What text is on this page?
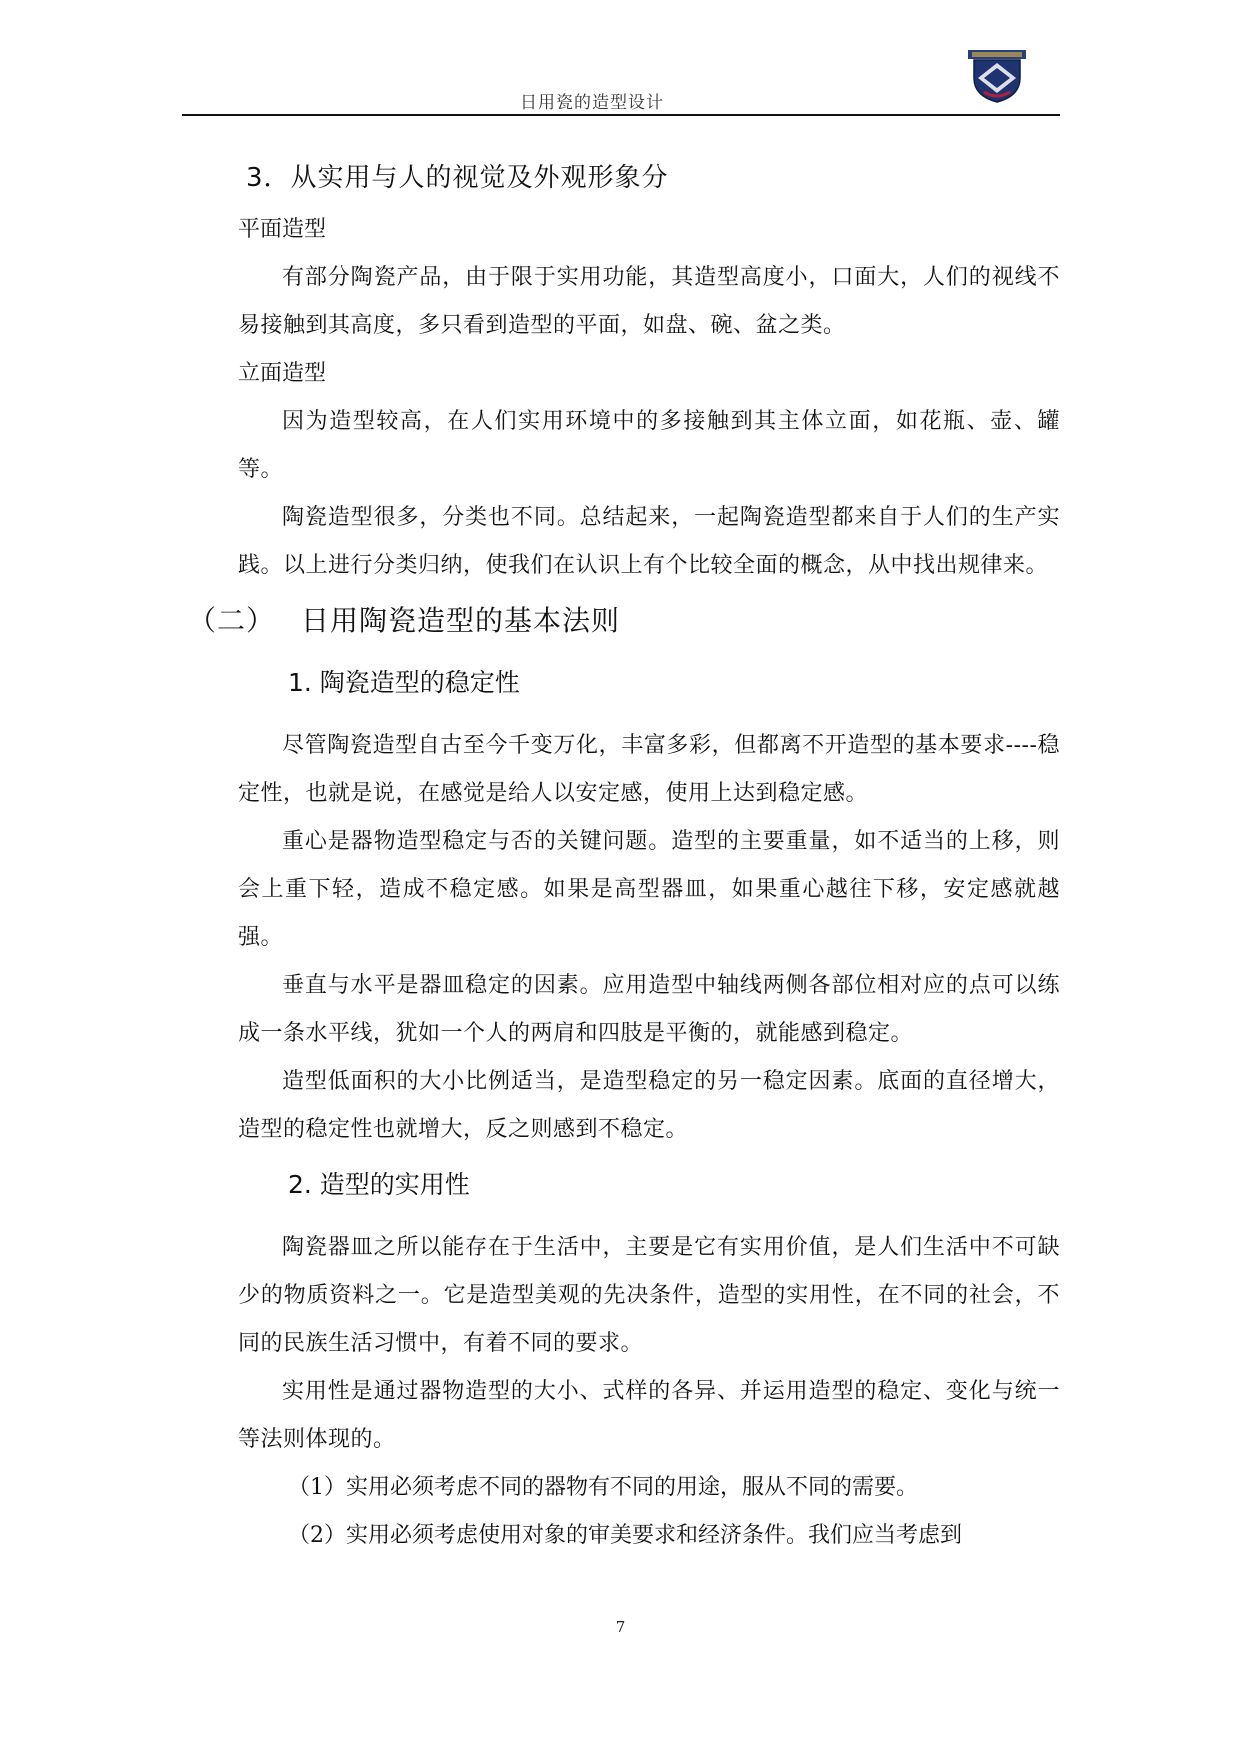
日用瓷的造型设计
3．从实用与人的视觉及外观形象分
平面造型
有部分陶瓷产品，由于限于实用功能，其造型高度小，口面大，人们的视线不易接触到其高度，多只看到造型的平面，如盘、碗、盆之类。
立面造型
因为造型较高，在人们实用环境中的多接触到其主体立面，如花瓶、壶、罐等。
陶瓷造型很多，分类也不同。总结起来，一起陶瓷造型都来自于人们的生产实践。以上进行分类归纳，使我们在认识上有个比较全面的概念，从中找出规律来。
（二） 日用陶瓷造型的基本法则
1. 陶瓷造型的稳定性
尽管陶瓷造型自古至今千变万化，丰富多彩，但都离不开造型的基本要求----稳定性，也就是说，在感觉是给人以安定感，使用上达到稳定感。
重心是器物造型稳定与否的关键问题。造型的主要重量，如不适当的上移，则会上重下轻，造成不稳定感。如果是高型器皿，如果重心越往下移，安定感就越强。
垂直与水平是器皿稳定的因素。应用造型中轴线两侧各部位相对应的点可以练成一条水平线，犹如一个人的两肩和四肢是平衡的，就能感到稳定。
造型低面积的大小比例适当，是造型稳定的另一稳定因素。底面的直径增大，造型的稳定性也就增大，反之则感到不稳定。
2. 造型的实用性
陶瓷器皿之所以能存在于生活中，主要是它有实用价值，是人们生活中不可缺少的物质资料之一。它是造型美观的先决条件，造型的实用性，在不同的社会，不同的民族生活习惯中，有着不同的要求。
实用性是通过器物造型的大小、式样的各异、并运用造型的稳定、变化与统一等法则体现的。
（1）实用必须考虑不同的器物有不同的用途，服从不同的需要。
（2）实用必须考虑使用对象的审美要求和经济条件。我们应当考虑到
7
